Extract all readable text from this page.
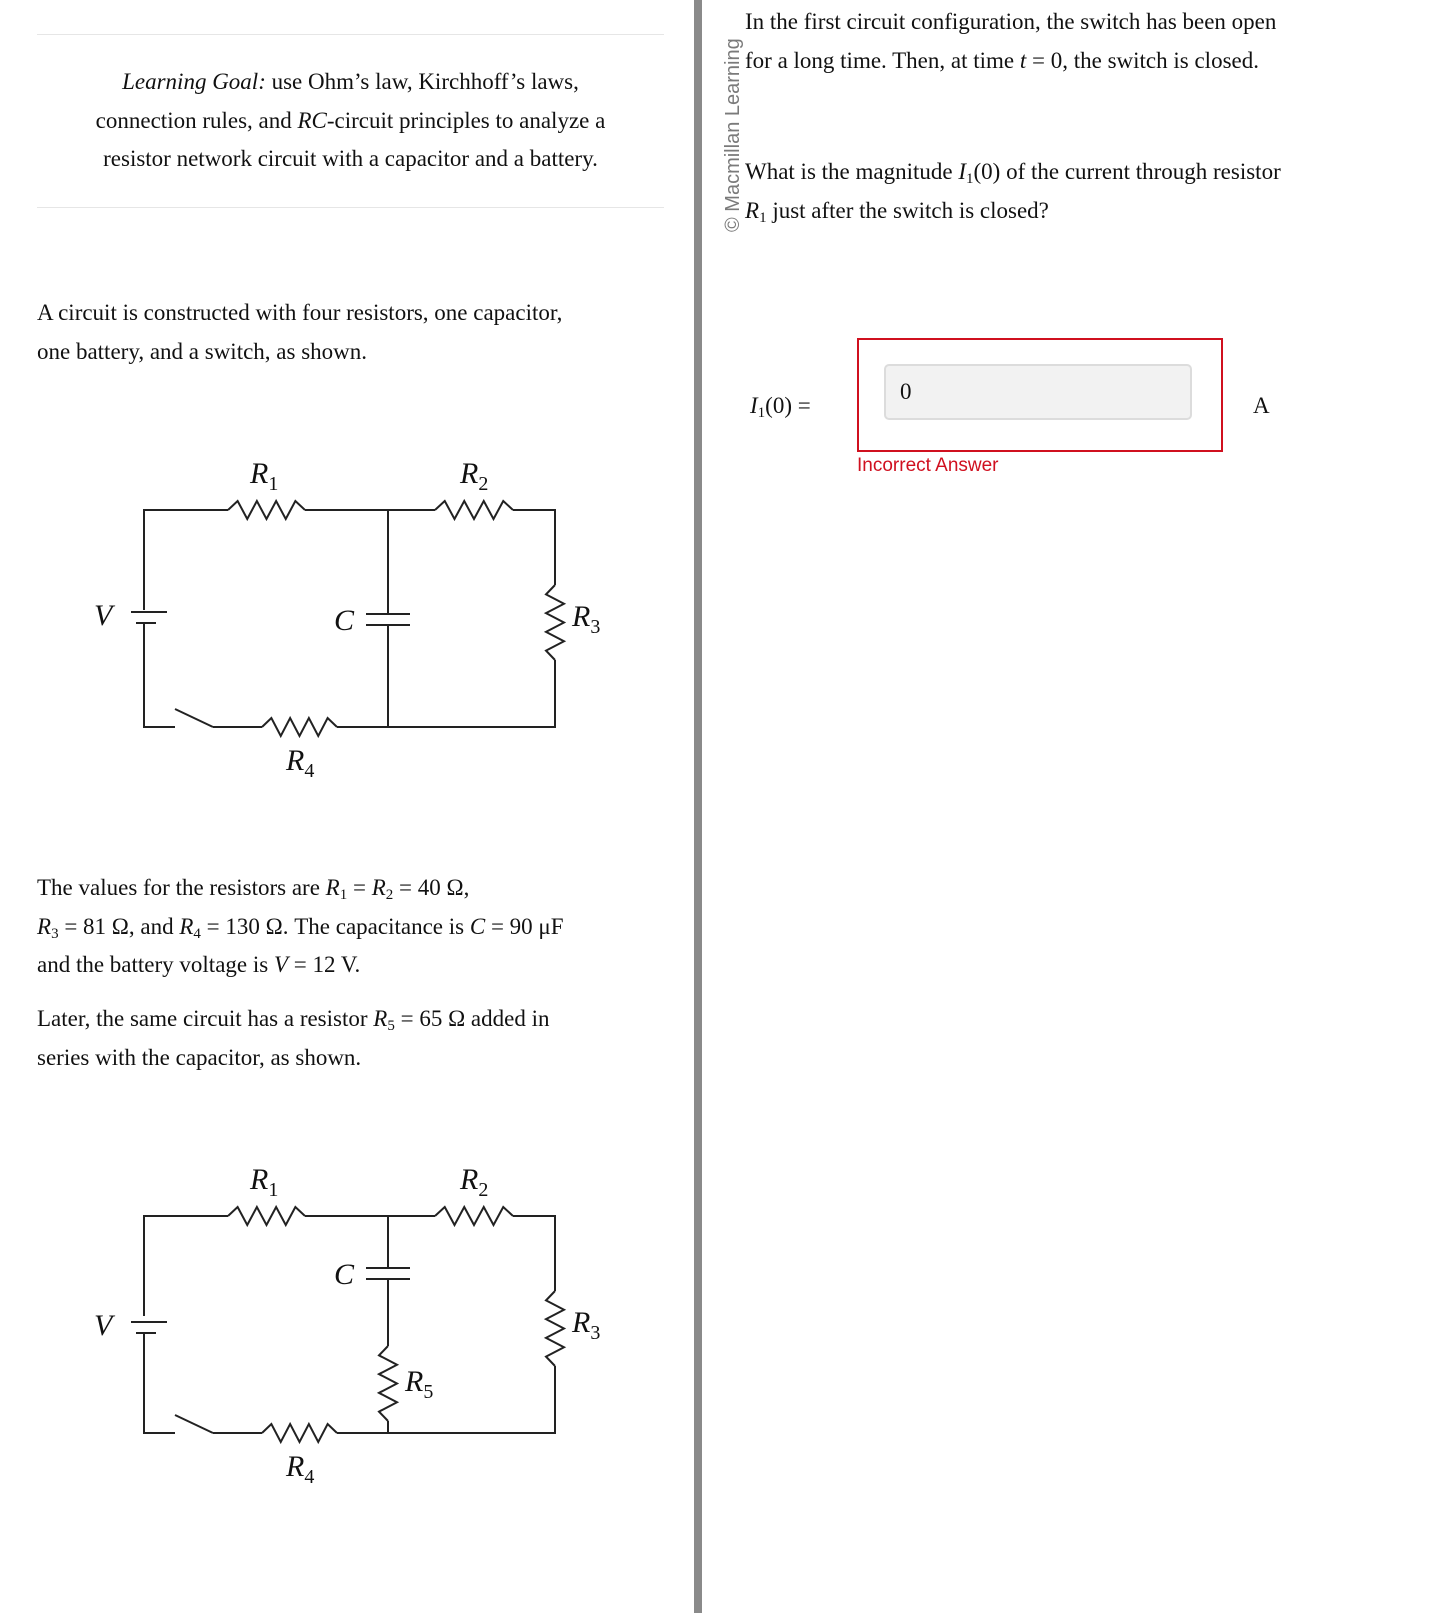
Learning Goal: use Ohm’s law, Kirchhoff’s laws,
connection rules, and RC-circuit principles to analyze a
resistor network circuit with a capacitor and a battery.
A circuit is constructed with four resistors, one capacitor,
one battery, and a switch, as shown.
$R_1$	$R_2$
$R_3$
$R_4$
V	C
The values for the resistors are $R_1 = R_2 = 40$ Ω,
$R_3 = 81$ Ω, and $R_4 = 130$ Ω. The capacitance is C = 90 μF
and the battery voltage is V = 12 V.
Later, the same circuit has a resistor $R_5 = 65$ Ω added in
series with the capacitor, as shown.
$R_5$
$R_1$	$R_2$
$R_3$
$R_4$
V
C
© Macmillan Learning
In the first circuit configuration, the switch has been open
for a long time. Then, at time t = 0, the switch is closed.
What is the magnitude $I_1(0)$ of the current through resistor
$R_1$ just after the switch is closed?
$I_1(0)$ =
0	A
Incorrect Answer
